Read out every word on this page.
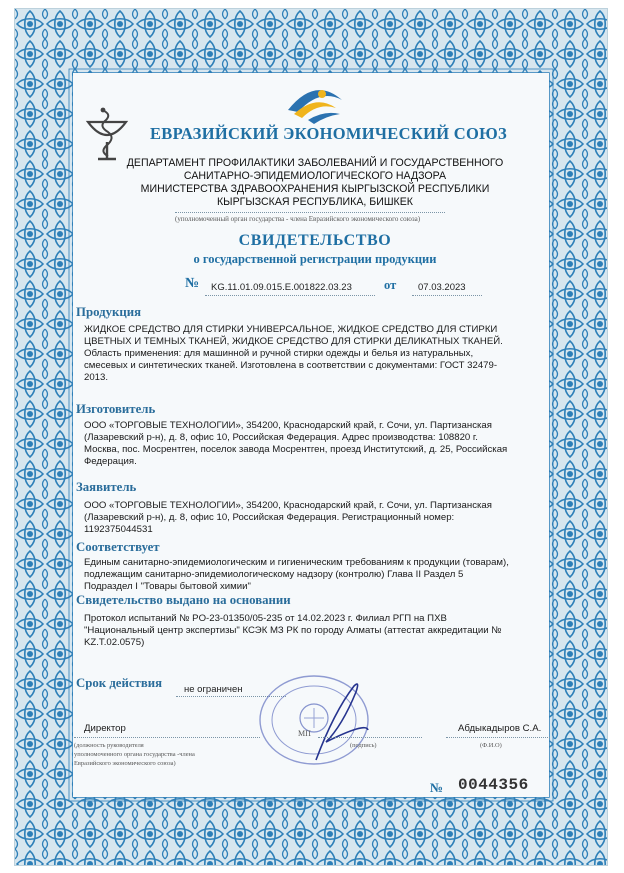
ЕВРАЗИЙСКИЙ ЭКОНОМИЧЕСКИЙ СОЮЗ
ДЕПАРТАМЕНТ ПРОФИЛАКТИКИ ЗАБОЛЕВАНИЙ И ГОСУДАРСТВЕННОГО
САНИТАРНО-ЭПИДЕМИОЛОГИЧЕСКОГО НАДЗОРА
МИНИСТЕРСТВА ЗДРАВООХРАНЕНИЯ КЫРГЫЗСКОЙ РЕСПУБЛИКИ
КЫРГЫЗСКАЯ РЕСПУБЛИКА, БИШКЕК
(уполномоченный орган государства - члена Евразийского экономического союза)
СВИДЕТЕЛЬСТВО
о государственной регистрации продукции
№ KG.11.01.09.015.Е.001822.03.23	от 07.03.2023
Продукция
ЖИДКОЕ СРЕДСТВО ДЛЯ СТИРКИ УНИВЕРСАЛЬНОЕ, ЖИДКОЕ СРЕДСТВО ДЛЯ СТИРКИ
ЦВЕТНЫХ И ТЕМНЫХ ТКАНЕЙ, ЖИДКОЕ СРЕДСТВО ДЛЯ СТИРКИ ДЕЛИКАТНЫХ ТКАНЕЙ.
Область применения: для машинной и ручной стирки одежды и белья из натуральных,
смесевых и синтетических тканей. Изготовлена в соответствии с документами: ГОСТ 32479-
2013.
Изготовитель
ООО «ТОРГОВЫЕ ТЕХНОЛОГИИ», 354200, Краснодарский край, г. Сочи, ул. Партизанская
(Лазаревский р-н), д. 8, офис 10, Российская Федерация. Адрес производства: 108820 г.
Москва, пос. Мосрентген, поселок завода Мосрентген, проезд Институтский, д. 25, Российская
Федерация.
Заявитель
ООО «ТОРГОВЫЕ ТЕХНОЛОГИИ», 354200, Краснодарский край, г. Сочи, ул. Партизанская
(Лазаревский р-н), д. 8, офис 10, Российская Федерация. Регистрационный номер:
1192375044531
Соответствует
Единым санитарно-эпидемиологическим и гигиеническим требованиям к продукции (товарам),
подлежащим санитарно-эпидемиологическому надзору (контролю) Глава II Раздел 5
Подраздел I "Товары бытовой химии"
Свидетельство выдано на основании
Протокол испытаний № PO-23-01350/05-235 от 14.02.2023 г. Филиал РГП на ПХВ
"Национальный центр экспертизы" КСЭК МЗ РК по городу Алматы (аттестат аккредитации №
KZ.T.02.0575)
Срок действия не ограничен
Директор
(должность руководителя
уполномоченного органа государства -члена
Евразийского экономического союза)
МП
(подпись)
Абдыкадыров С.А.
(Ф.И.О)
№ 0044356
